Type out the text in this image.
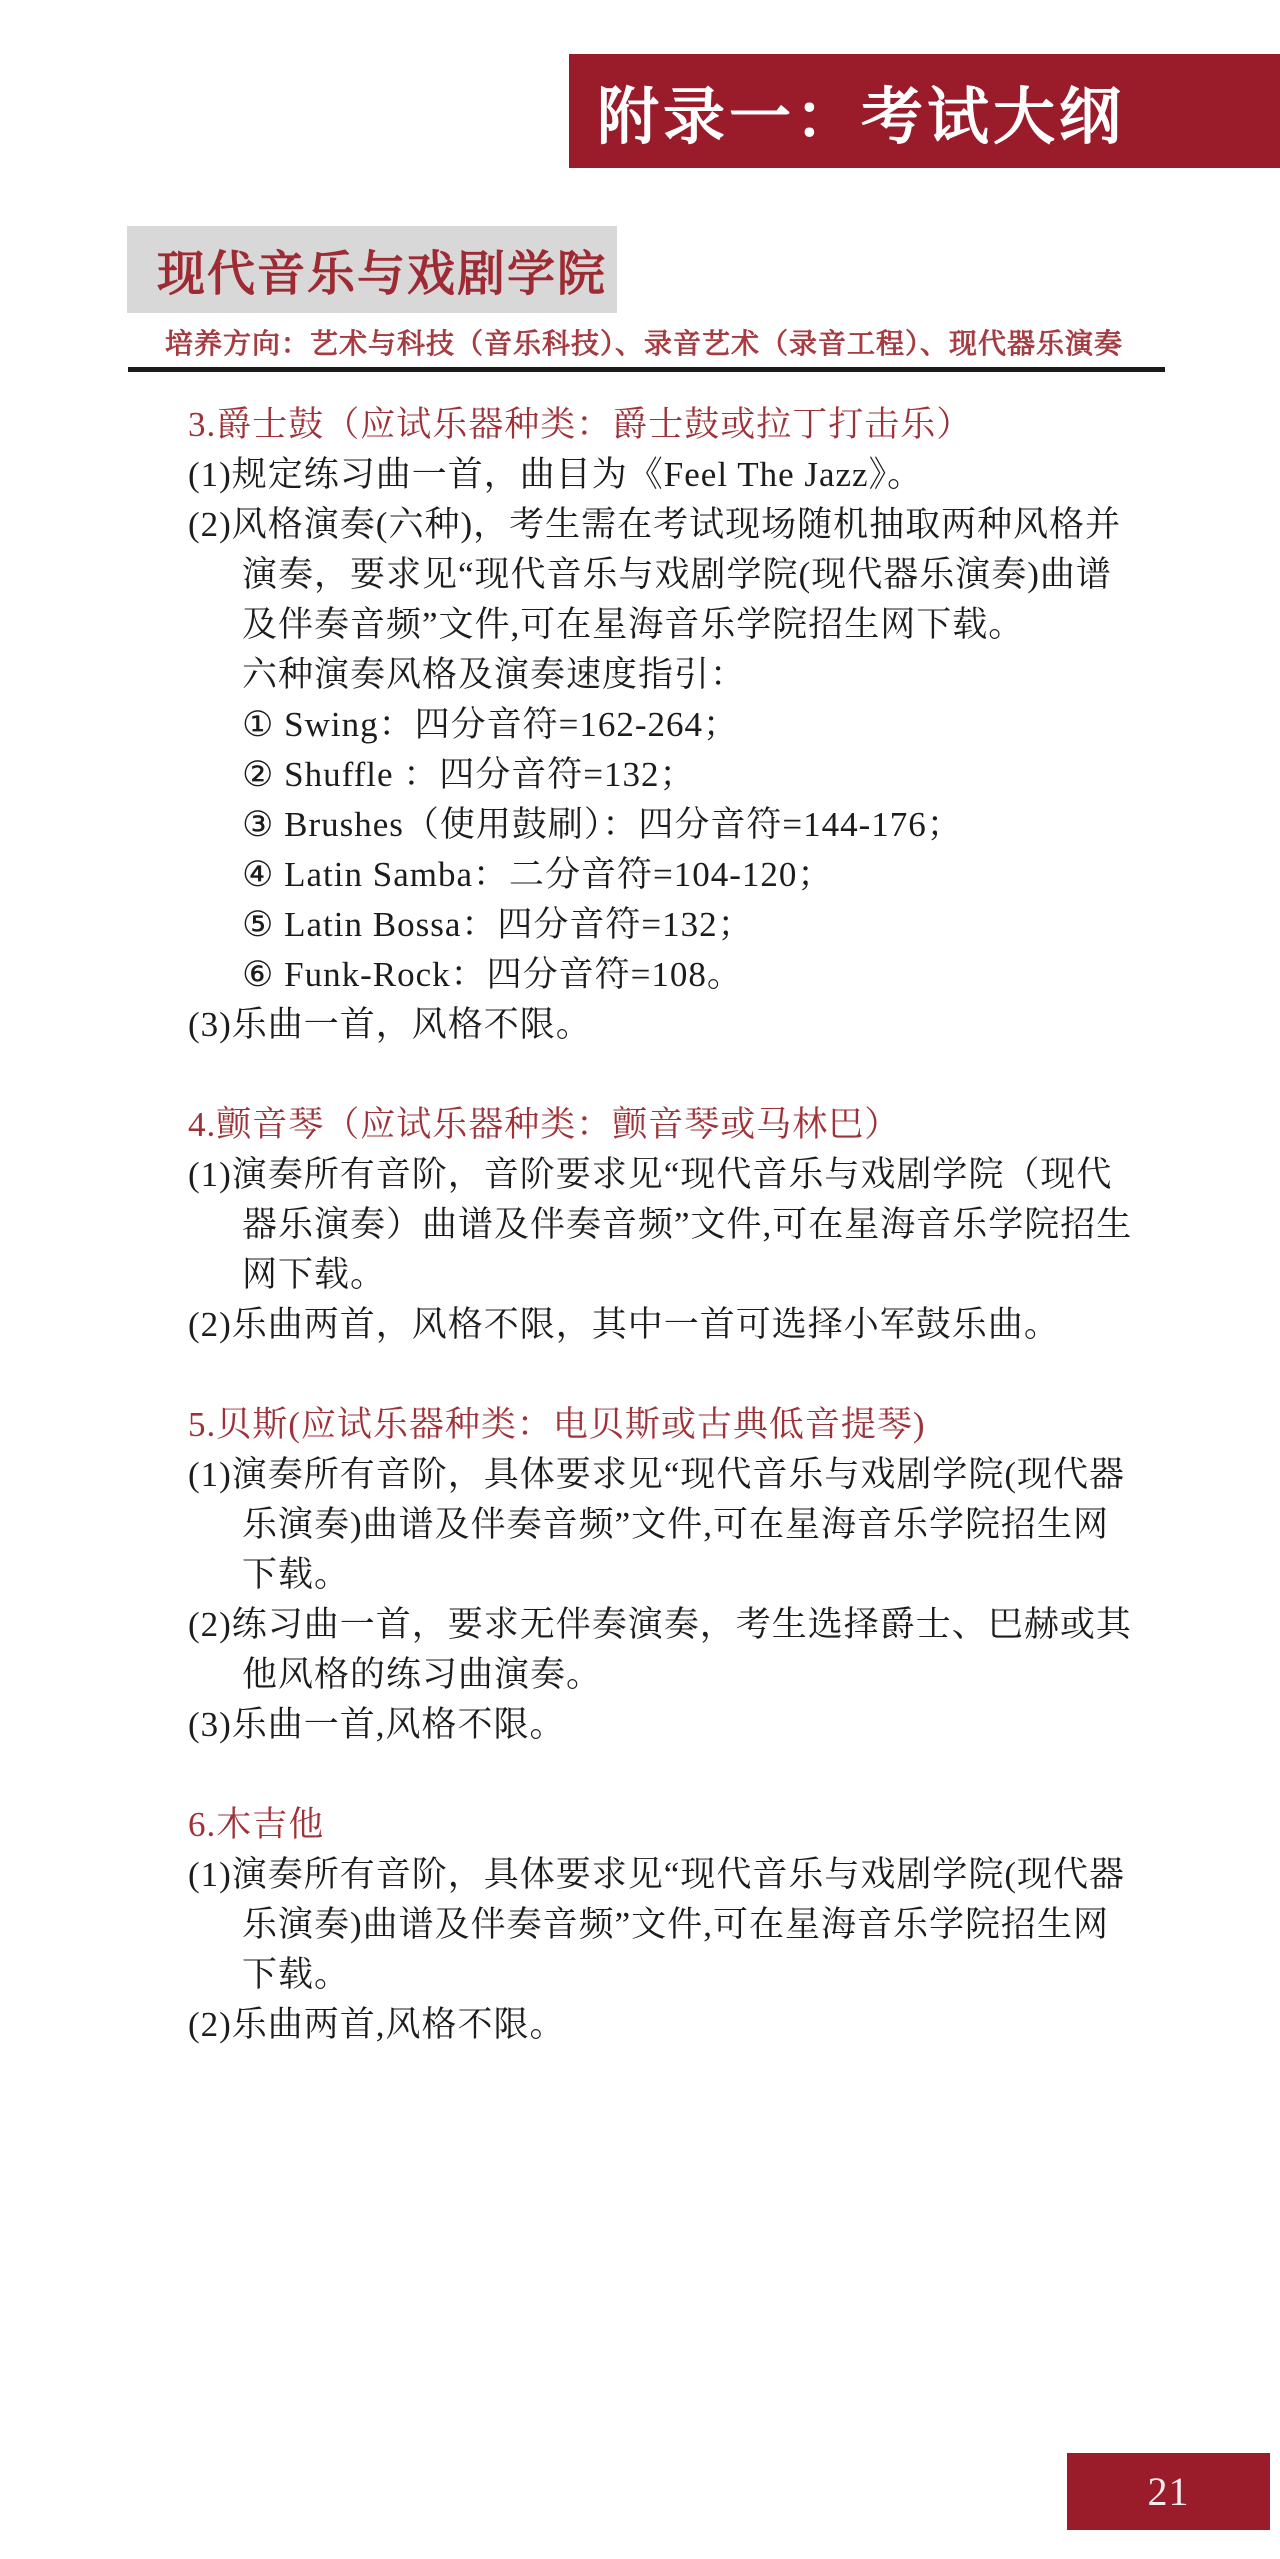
附录一：考试大纲
现代音乐与戏剧学院
培养方向：艺术与科技（音乐科技）、录音艺术（录音工程）、现代器乐演奏
3.爵士鼓（应试乐器种类：爵士鼓或拉丁打击乐）
(1)规定练习曲一首，曲目为《Feel The Jazz》。
(2)风格演奏(六种)，考生需在考试现场随机抽取两种风格并
演奏，要求见“现代音乐与戏剧学院(现代器乐演奏)曲谱
及伴奏音频”文件,可在星海音乐学院招生网下载。
六种演奏风格及演奏速度指引：
① Swing：四分音符=162-264；
② Shuffle ：四分音符=132；
③ Brushes（使用鼓刷）：四分音符=144-176；
④ Latin Samba：二分音符=104-120；
⑤ Latin Bossa：四分音符=132；
⑥ Funk-Rock：四分音符=108。
(3)乐曲一首，风格不限。
4.颤音琴（应试乐器种类：颤音琴或马林巴）
(1)演奏所有音阶，音阶要求见“现代音乐与戏剧学院（现代
器乐演奏）曲谱及伴奏音频”文件,可在星海音乐学院招生
网下载。
(2)乐曲两首，风格不限，其中一首可选择小军鼓乐曲。
5.贝斯(应试乐器种类：电贝斯或古典低音提琴)
(1)演奏所有音阶，具体要求见“现代音乐与戏剧学院(现代器
乐演奏)曲谱及伴奏音频”文件,可在星海音乐学院招生网
下载。
(2)练习曲一首，要求无伴奏演奏，考生选择爵士、巴赫或其
他风格的练习曲演奏。
(3)乐曲一首,风格不限。
6.木吉他
(1)演奏所有音阶，具体要求见“现代音乐与戏剧学院(现代器
乐演奏)曲谱及伴奏音频”文件,可在星海音乐学院招生网
下载。
(2)乐曲两首,风格不限。
21
